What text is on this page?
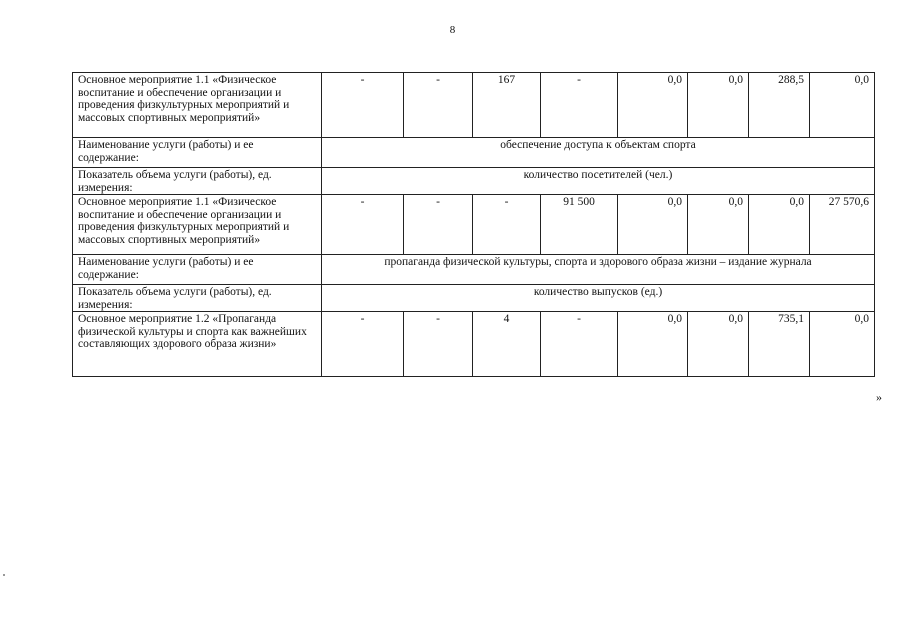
8
Основное мероприятие 1.1 «Физическое воспитание и обеспечение организации и проведения физкультурных мероприятий и массовых спортивных мероприятий»	-	-	167	-	0,0	0,0	288,5	0,0
Наименование услуги (работы) и ее содержание:	обеспечение доступа к объектам спорта							
Показатель объема услуги (работы), ед. измерения:	количество посетителей (чел.)							
Основное мероприятие 1.1 «Физическое воспитание и обеспечение организации и проведения физкультурных мероприятий и массовых спортивных мероприятий»	-	-	-	91 500	0,0	0,0	0,0	27 570,6
Наименование услуги (работы) и ее содержание:	пропаганда физической культуры, спорта и здорового образа жизни – издание журнала							
Показатель объема услуги (работы), ед. измерения:	количество выпусков (ед.)							
Основное мероприятие 1.2 «Пропаганда физической культуры и спорта как важнейших составляющих здорового образа жизни»	-	-	4	-	0,0	0,0	735,1	0,0
»
